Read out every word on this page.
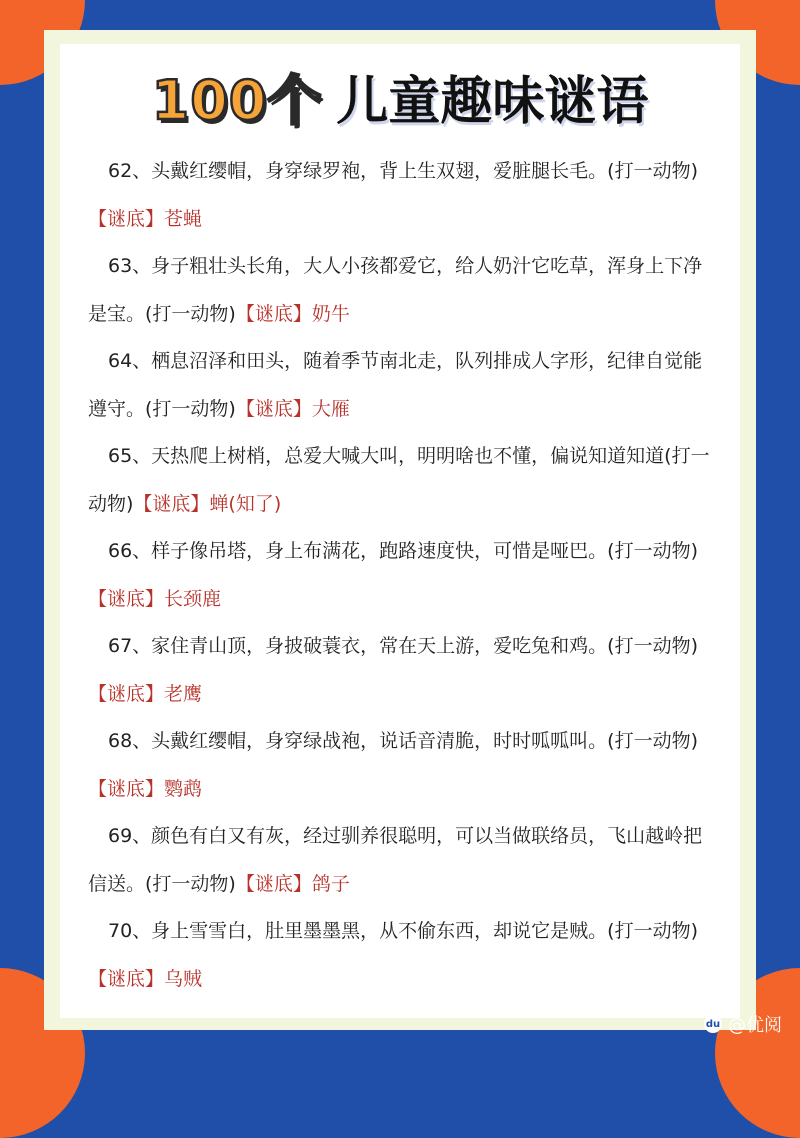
100个 儿童趣味谜语

62、头戴红缨帽，身穿绿罗袍，背上生双翅，爱脏腿长毛。(打一动物)【谜底】苍蝇

63、身子粗壮头长角，大人小孩都爱它，给人奶汁它吃草，浑身上下净是宝。(打一动物)【谜底】奶牛

64、栖息沼泽和田头，随着季节南北走，队列排成人字形，纪律自觉能遵守。(打一动物)【谜底】大雁

65、天热爬上树梢，总爱大喊大叫，明明啥也不懂，偏说知道知道(打一动物)【谜底】蝉(知了)

66、样子像吊塔，身上布满花，跑路速度快，可惜是哑巴。(打一动物)【谜底】长颈鹿

67、家住青山顶，身披破蓑衣，常在天上游，爱吃兔和鸡。(打一动物)【谜底】老鹰

68、头戴红缨帽，身穿绿战袍，说话音清脆，时时呱呱叫。(打一动物)【谜底】鹦鹉

69、颜色有白又有灰，经过驯养很聪明，可以当做联络员，飞山越岭把信送。(打一动物)【谜底】鸽子

70、身上雪雪白，肚里墨墨黑，从不偷东西，却说它是贼。(打一动物)【谜底】乌贼

du @优阅
